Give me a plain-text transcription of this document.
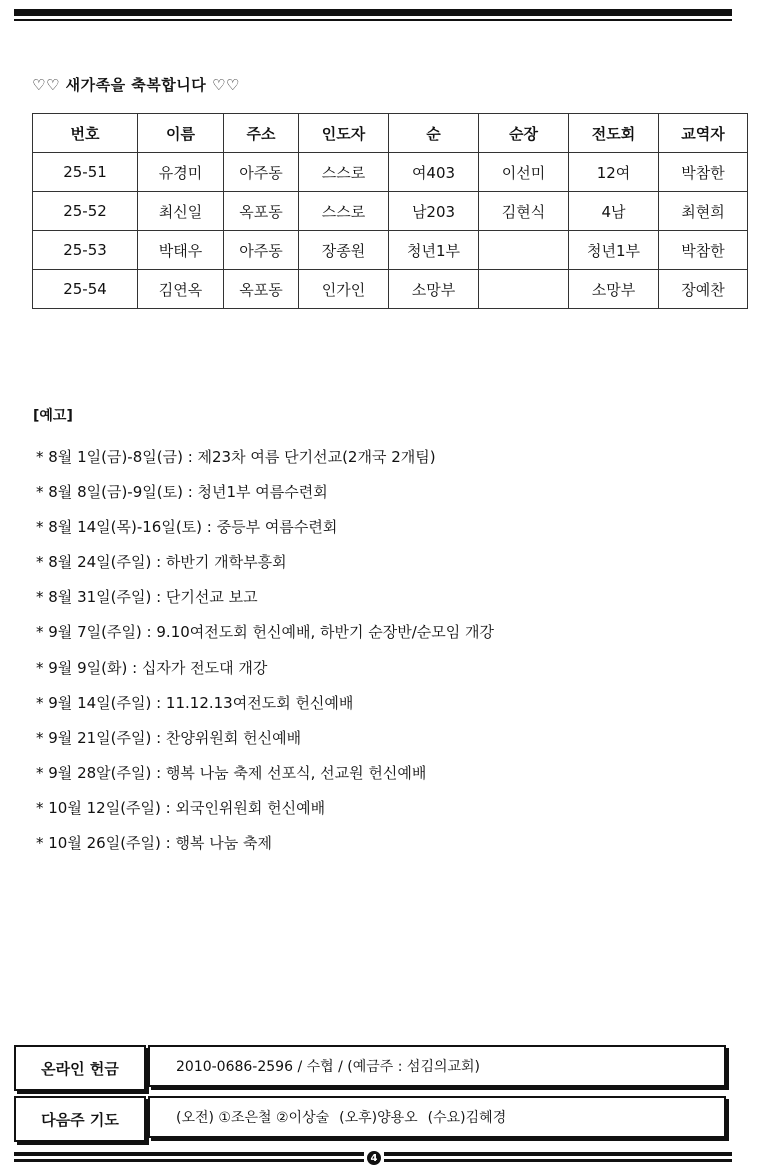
♡♡ 새가족을 축복합니다 ♡♡
번호	이름	주소	인도자	순	순장	전도회	교역자
25-51	유경미	아주동	스스로	여403	이선미	12여	박참한
25-52	최신일	옥포동	스스로	남203	김현식	4남	최현희
25-53	박태우	아주동	장종원	청년1부		청년1부	박참한
25-54	김연옥	옥포동	인가인	소망부		소망부	장예찬
[예고]
* 8월 1일(금)-8일(금) : 제23차 여름 단기선교(2개국 2개팀)
* 8월 8일(금)-9일(토) : 청년1부 여름수련회
* 8월 14일(목)-16일(토) : 중등부 여름수련회
* 8월 24일(주일) : 하반기 개학부흥회
* 8월 31일(주일) : 단기선교 보고
* 9월 7일(주일) : 9.10여전도회 헌신예배, 하반기 순장반/순모임 개강
* 9월 9일(화) : 십자가 전도대 개강
* 9월 14일(주일) : 11.12.13여전도회 헌신예배
* 9월 21일(주일) : 찬양위원회 헌신예배
* 9월 28알(주일) : 행복 나눔 축제 선포식, 선교원 헌신예배
* 10월 12일(주일) : 외국인위원회 헌신예배
* 10월 26일(주일) : 행복 나눔 축제
온라인 헌금	2010-0686-2596 / 수협 / (예금주 : 섬김의교회)
다음주 기도	(오전) ①조은철 ②이상술 (오후)양용오 (수요)김혜경
4
